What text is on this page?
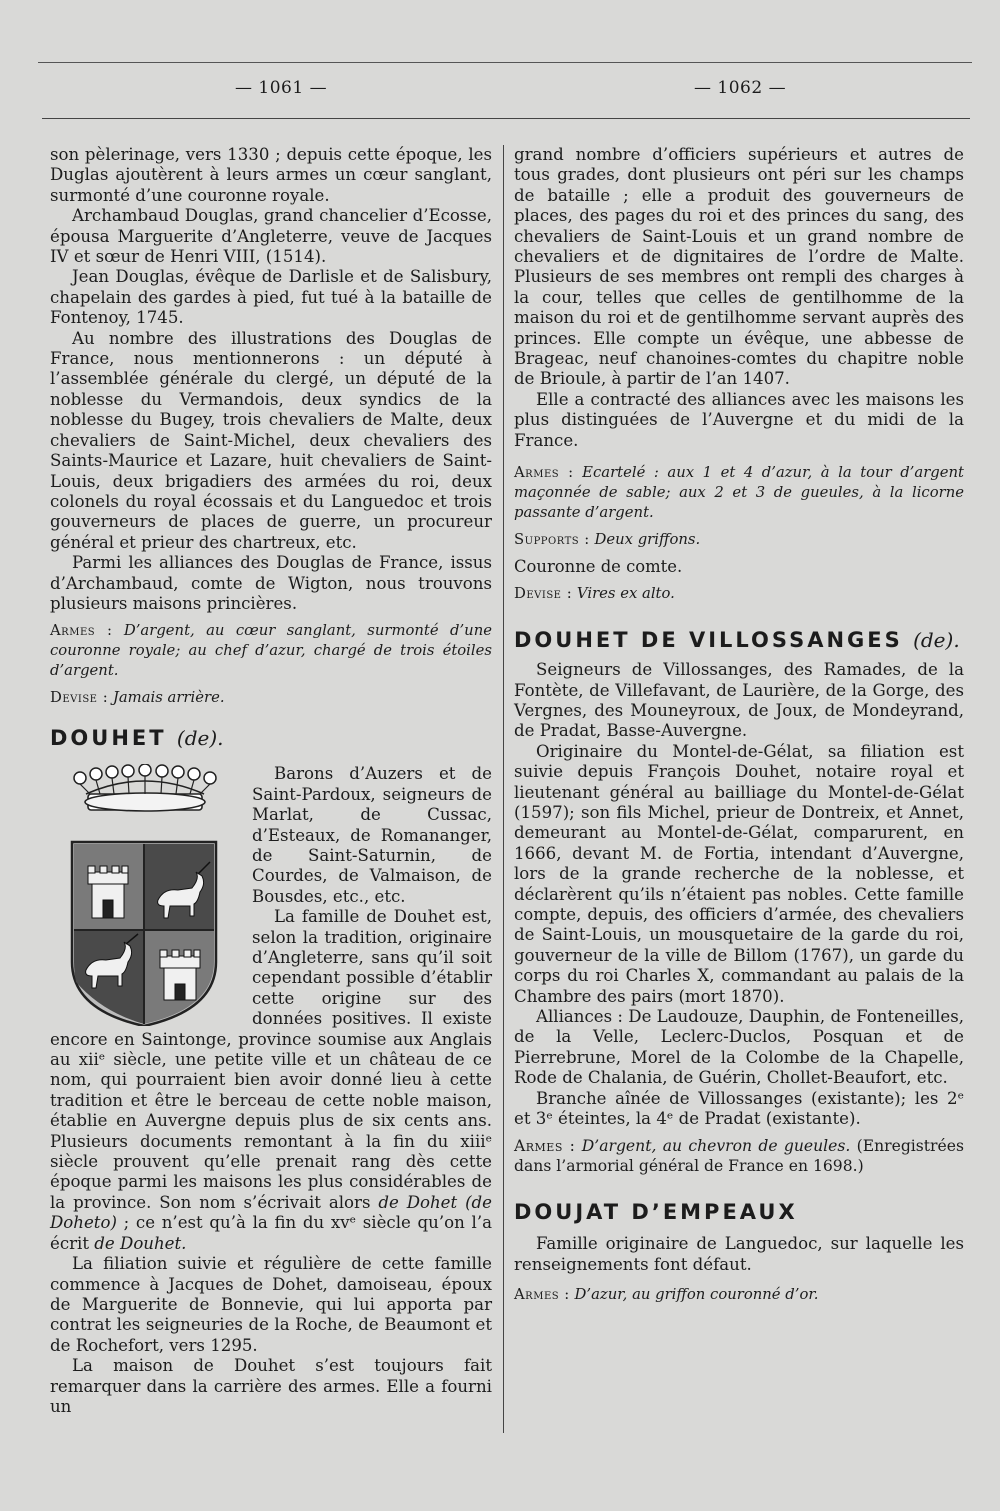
— 1061 —	— 1062 —

son pèlerinage, vers 1330 ; depuis cette époque, les Duglas ajoutèrent à leurs armes un cœur sanglant, surmonté d’une couronne royale.

Archambaud Douglas, grand chancelier d’Ecosse, épousa Marguerite d’Angleterre, veuve de Jacques IV et sœur de Henri VIII, (1514).

Jean Douglas, évêque de Darlisle et de Salisbury, chapelain des gardes à pied, fut tué à la bataille de Fontenoy, 1745.

Au nombre des illustrations des Douglas de France, nous mentionnerons : un député à l’assemblée générale du clergé, un député de la noblesse du Vermandois, deux syndics de la noblesse du Bugey, trois chevaliers de Malte, deux chevaliers de Saint-Michel, deux chevaliers des Saints-Maurice et Lazare, huit chevaliers de Saint-Louis, deux brigadiers des armées du roi, deux colonels du royal écossais et du Languedoc et trois gouverneurs de places de guerre, un procureur général et prieur des chartreux, etc.

Parmi les alliances des Douglas de France, issus d’Archambaud, comte de Wigton, nous trouvons plusieurs maisons princières.

Armes : D’argent, au cœur sanglant, surmonté d’une couronne royale; au chef d’azur, chargé de trois étoiles d’argent.

Devise : Jamais arrière.

DOUHET (de).

Barons d’Auzers et de Saint-Pardoux, seigneurs de Marlat, de Cussac, d’Esteaux, de Romananger, de Saint-Saturnin, de Courdes, de Valmaison, de Bousdes, etc., etc.

La famille de Douhet est, selon la tradition, originaire d’Angleterre, sans qu’il soit cependant possible d’établir cette origine sur des données positives. Il existe encore en Saintonge, province soumise aux Anglais au xiiᵉ siècle, une petite ville et un château de ce nom, qui pourraient bien avoir donné lieu à cette tradition et être le berceau de cette noble maison, établie en Auvergne depuis plus de six cents ans. Plusieurs documents remontant à la fin du xiiiᵉ siècle prouvent qu’elle prenait rang dès cette époque parmi les maisons les plus considérables de la province. Son nom s’écrivait alors de Dohet (de Doheto) ; ce n’est qu’à la fin du xvᵉ siècle qu’on l’a écrit de Douhet.

La filiation suivie et régulière de cette famille commence à Jacques de Dohet, damoiseau, époux de Marguerite de Bonnevie, qui lui apporta par contrat les seigneuries de la Roche, de Beaumont et de Rochefort, vers 1295.

La maison de Douhet s’est toujours fait remarquer dans la carrière des armes. Elle a fourni un

grand nombre d’officiers supérieurs et autres de tous grades, dont plusieurs ont péri sur les champs de bataille ; elle a produit des gouverneurs de places, des pages du roi et des princes du sang, des chevaliers de Saint-Louis et un grand nombre de chevaliers et de dignitaires de l’ordre de Malte. Plusieurs de ses membres ont rempli des charges à la cour, telles que celles de gentilhomme de la maison du roi et de gentilhomme servant auprès des princes. Elle compte un évêque, une abbesse de Brageac, neuf chanoines-comtes du chapitre noble de Brioule, à partir de l’an 1407.

Elle a contracté des alliances avec les maisons les plus distinguées de l’Auvergne et du midi de la France.

Armes : Ecartelé : aux 1 et 4 d’azur, à la tour d’argent maçonnée de sable; aux 2 et 3 de gueules, à la licorne passante d’argent.

Supports : Deux griffons.

Couronne de comte.

Devise : Vires ex alto.

DOUHET DE VILLOSSANGES (de).

Seigneurs de Villossanges, des Ramades, de la Fontète, de Villefavant, de Laurière, de la Gorge, des Vergnes, des Mouneyroux, de Joux, de Mondeyrand, de Pradat, Basse-Auvergne.

Originaire du Montel-de-Gélat, sa filiation est suivie depuis François Douhet, notaire royal et lieutenant général au bailliage du Montel-de-Gélat (1597); son fils Michel, prieur de Dontreix, et Annet, demeurant au Montel-de-Gélat, comparurent, en 1666, devant M. de Fortia, intendant d’Auvergne, lors de la grande recherche de la noblesse, et déclarèrent qu’ils n’étaient pas nobles. Cette famille compte, depuis, des officiers d’armée, des chevaliers de Saint-Louis, un mousquetaire de la garde du roi, gouverneur de la ville de Billom (1767), un garde du corps du roi Charles X, commandant au palais de la Chambre des pairs (mort 1870).

Alliances : De Laudouze, Dauphin, de Fonteneilles, de la Velle, Leclerc-Duclos, Posquan et de Pierrebrune, Morel de la Colombe de la Chapelle, Rode de Chalania, de Guérin, Chollet-Beaufort, etc.

Branche aînée de Villossanges (existante); les 2ᵉ et 3ᵉ éteintes, la 4ᵉ de Pradat (existante).

Armes : D’argent, au chevron de gueules. (Enregistrées dans l’armorial général de France en 1698.)

DOUJAT D’EMPEAUX

Famille originaire de Languedoc, sur laquelle les renseignements font défaut.

Armes : D’azur, au griffon couronné d’or.
